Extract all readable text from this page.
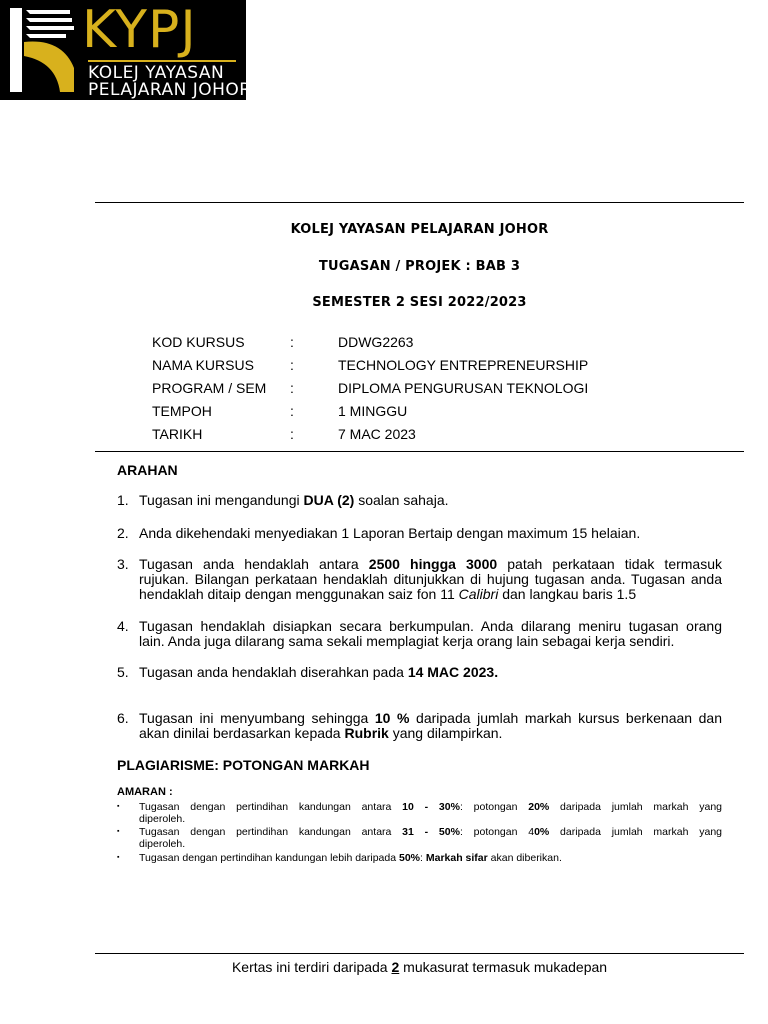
KYPJ
KOLEJ YAYASAN
PELAJARAN JOHOR
KOLEJ YAYASAN PELAJARAN JOHOR
TUGASAN / PROJEK : BAB 3
SEMESTER 2 SESI 2022/2023
KOD KURSUS	:	DDWG2263
NAMA KURSUS	:	TECHNOLOGY ENTREPRENEURSHIP
PROGRAM / SEM :	DIPLOMA PENGURUSAN TEKNOLOGI
TEMPOH	:	1 MINGGU
TARIKH	:	7 MAC 2023
ARAHAN
1. Tugasan ini mengandungi DUA (2) soalan sahaja.
2. Anda dikehendaki menyediakan 1 Laporan Bertaip dengan maximum 15 helaian.
3. Tugasan anda hendaklah antara 2500 hingga 3000 patah perkataan tidak termasuk
rujukan. Bilangan perkataan hendaklah ditunjukkan di hujung tugasan anda. Tugasan anda
hendaklah ditaip dengan menggunakan saiz fon 11 Calibri dan langkau baris 1.5
4. Tugasan hendaklah disiapkan secara berkumpulan. Anda dilarang meniru tugasan orang
lain. Anda juga dilarang sama sekali memplagiat kerja orang lain sebagai kerja sendiri.
5. Tugasan anda hendaklah diserahkan pada 14 MAC 2023.
6. Tugasan ini menyumbang sehingga 10 % daripada jumlah markah kursus berkenaan dan
akan dinilai berdasarkan kepada Rubrik yang dilampirkan.
PLAGIARISME: POTONGAN MARKAH
AMARAN :
▪ Tugasan dengan pertindihan kandungan antara 10 - 30%: potongan 20% daripada jumlah markah yang
diperoleh.
▪ Tugasan dengan pertindihan kandungan antara 31 - 50%: potongan 40% daripada jumlah markah yang
diperoleh.
▪ Tugasan dengan pertindihan kandungan lebih daripada 50%: Markah sifar akan diberikan.
Kertas ini terdiri daripada 2 mukasurat termasuk mukadepan
